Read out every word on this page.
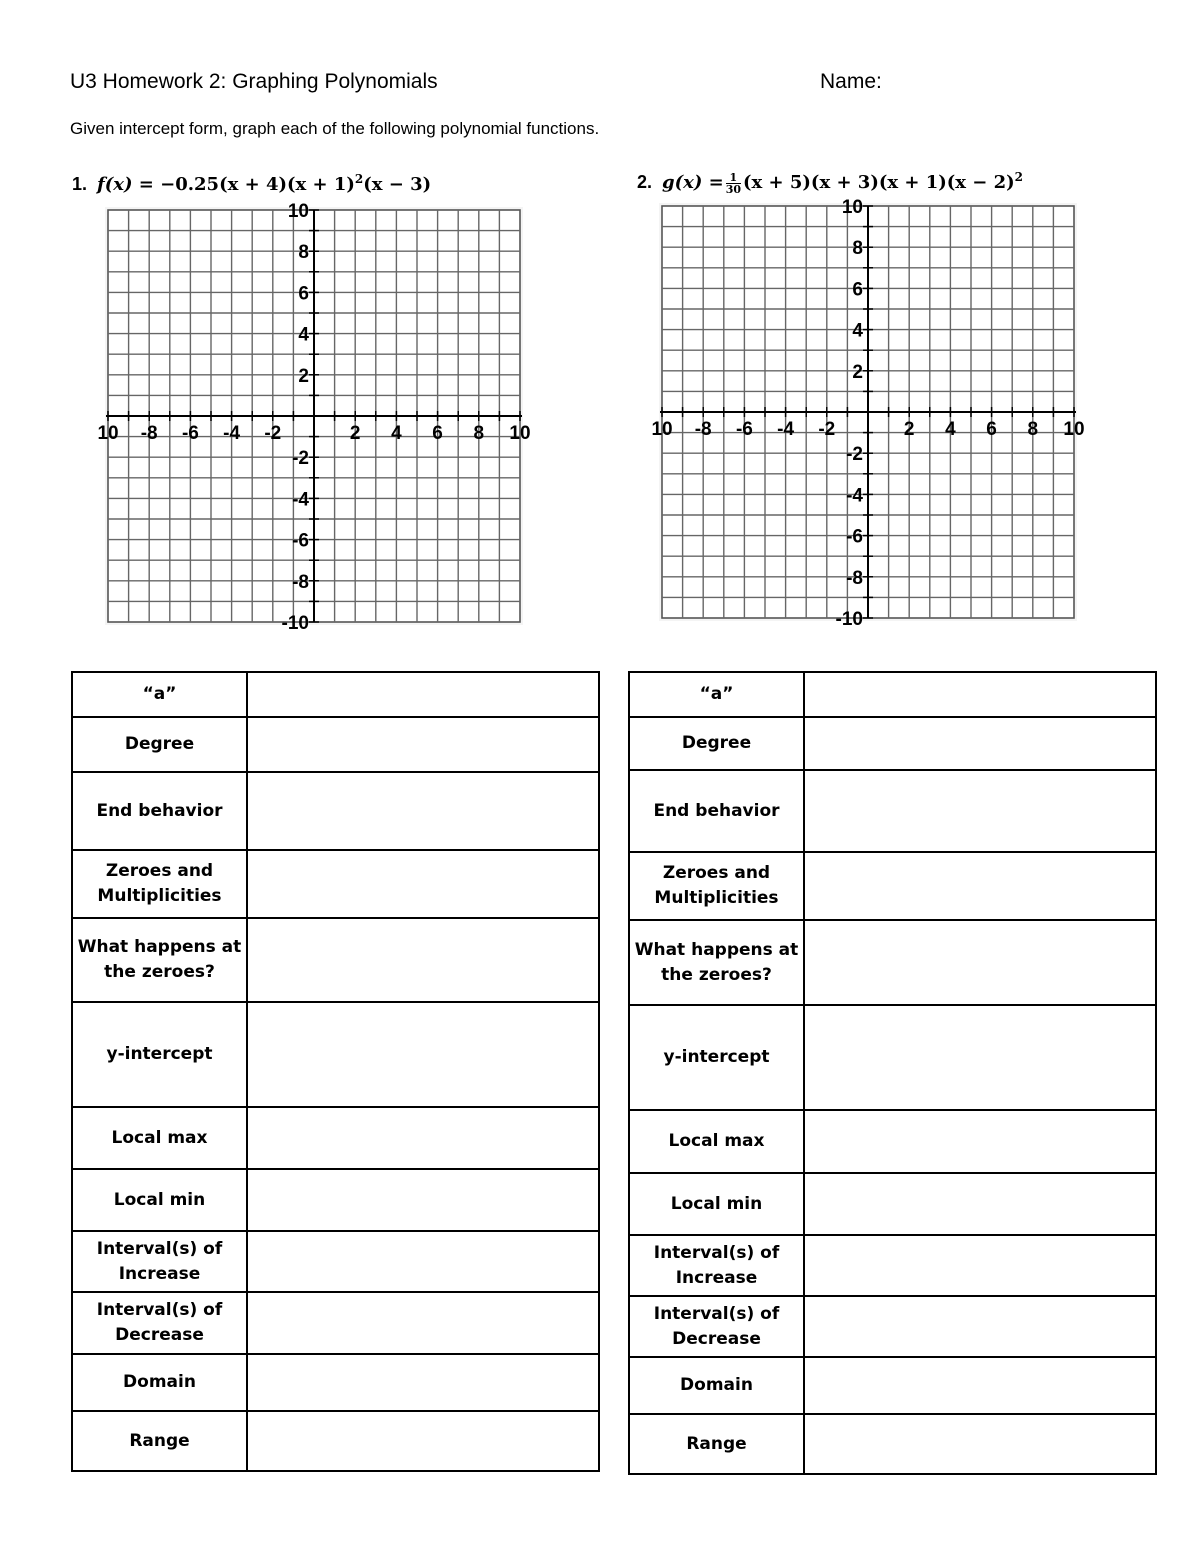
U3 Homework 2: Graphing Polynomials	Name:
Given intercept form, graph each of the following polynomial functions.
1. $f(x) = -0.25(x + 4)(x + 1)^2(x - 3)$	2. $g(x) = \frac{1}{30} (x + 5)(x + 3)(x + 1)(x - 2)^2$
10 -8 -6 -4 -2	2 4 6 8 10
10
8
6
4
2
-2
-4
-6
-8
-10
10 -8 -6 -4 -2	2 4 6 8 10
10
8
6
4
2
-2
-4
-6
-8
-10
“a”	
Degree	
End behavior	
Zeroes and Multiplicities	
What happens at the zeroes?	
y-intercept	
Local max	
Local min	
Interval(s) of Increase	
Interval(s) of Decrease	
Domain	
Range	
“a”	
Degree	
End behavior	
Zeroes and Multiplicities	
What happens at the zeroes?	
y-intercept	
Local max	
Local min	
Interval(s) of Increase	
Interval(s) of Decrease	
Domain	
Range	
